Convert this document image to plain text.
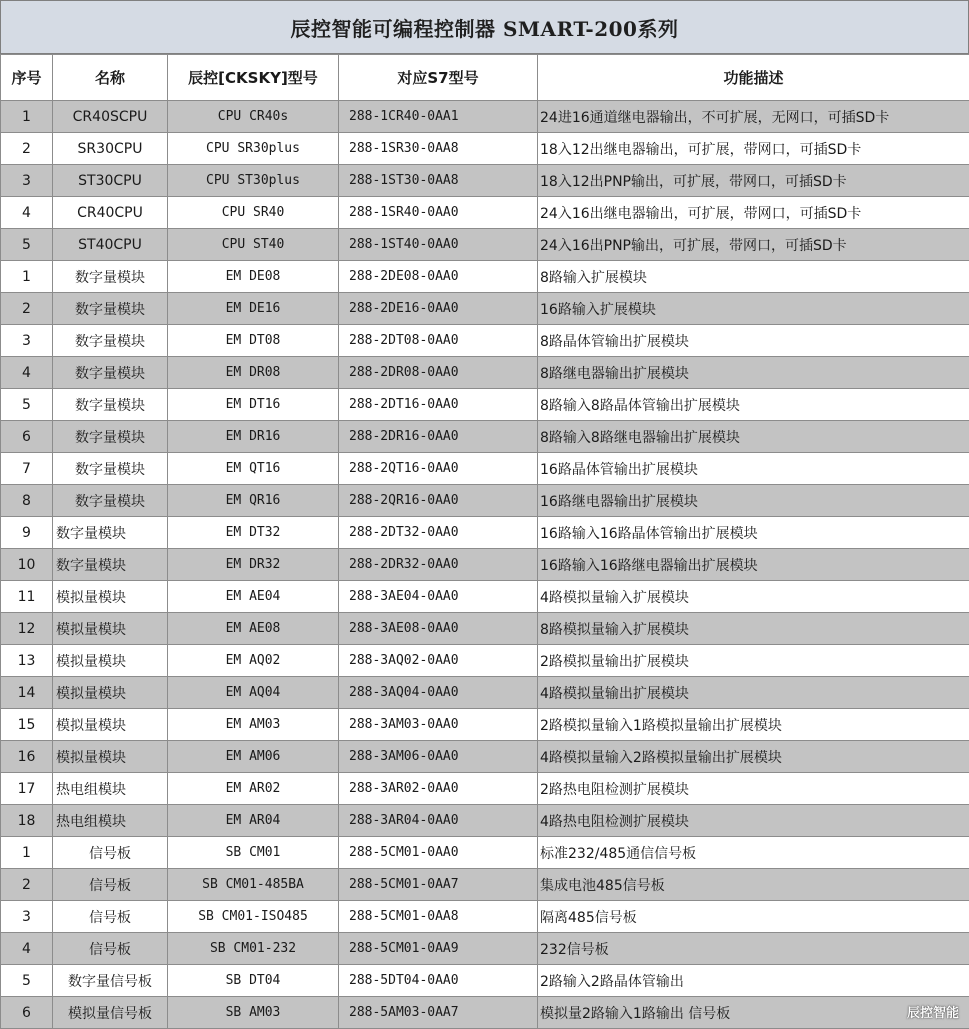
辰控智能可编程控制器 SMART-200系列
序号	名称	辰控[CKSKY]型号	对应S7型号	功能描述
1	CR40SCPU	CPU CR40s	288-1CR40-0AA1	24进16通道继电器输出，不可扩展，无网口，可插SD卡
2	SR30CPU	CPU SR30plus	288-1SR30-0AA8	18入12出继电器输出，可扩展，带网口，可插SD卡
3	ST30CPU	CPU ST30plus	288-1ST30-0AA8	18入12出PNP输出，可扩展，带网口，可插SD卡
4	CR40CPU	CPU SR40	288-1SR40-0AA0	24入16出继电器输出，可扩展，带网口，可插SD卡
5	ST40CPU	CPU ST40	288-1ST40-0AA0	24入16出PNP输出，可扩展，带网口，可插SD卡
1	数字量模块	EM DE08	288-2DE08-0AA0	8路输入扩展模块
2	数字量模块	EM DE16	288-2DE16-0AA0	16路输入扩展模块
3	数字量模块	EM DT08	288-2DT08-0AA0	8路晶体管输出扩展模块
4	数字量模块	EM DR08	288-2DR08-0AA0	8路继电器输出扩展模块
5	数字量模块	EM DT16	288-2DT16-0AA0	8路输入8路晶体管输出扩展模块
6	数字量模块	EM DR16	288-2DR16-0AA0	8路输入8路继电器输出扩展模块
7	数字量模块	EM QT16	288-2QT16-0AA0	16路晶体管输出扩展模块
8	数字量模块	EM QR16	288-2QR16-0AA0	16路继电器输出扩展模块
9	数字量模块	EM DT32	288-2DT32-0AA0	16路输入16路晶体管输出扩展模块
10	数字量模块	EM DR32	288-2DR32-0AA0	16路输入16路继电器输出扩展模块
11	模拟量模块	EM AE04	288-3AE04-0AA0	4路模拟量输入扩展模块
12	模拟量模块	EM AE08	288-3AE08-0AA0	8路模拟量输入扩展模块
13	模拟量模块	EM AQ02	288-3AQ02-0AA0	2路模拟量输出扩展模块
14	模拟量模块	EM AQ04	288-3AQ04-0AA0	4路模拟量输出扩展模块
15	模拟量模块	EM AM03	288-3AM03-0AA0	2路模拟量输入1路模拟量输出扩展模块
16	模拟量模块	EM AM06	288-3AM06-0AA0	4路模拟量输入2路模拟量输出扩展模块
17	热电组模块	EM AR02	288-3AR02-0AA0	2路热电阻检测扩展模块
18	热电组模块	EM AR04	288-3AR04-0AA0	4路热电阻检测扩展模块
1	信号板	SB CM01	288-5CM01-0AA0	标准232/485通信信号板
2	信号板	SB CM01-485BA	288-5CM01-0AA7	集成电池485信号板
3	信号板	SB CM01-ISO485	288-5CM01-0AA8	隔离485信号板
4	信号板	SB CM01-232	288-5CM01-0AA9	232信号板
5	数字量信号板	SB DT04	288-5DT04-0AA0	2路输入2路晶体管输出
6	模拟量信号板	SB AM03	288-5AM03-0AA7	模拟量2路输入1路输出 信号板	辰控智能
